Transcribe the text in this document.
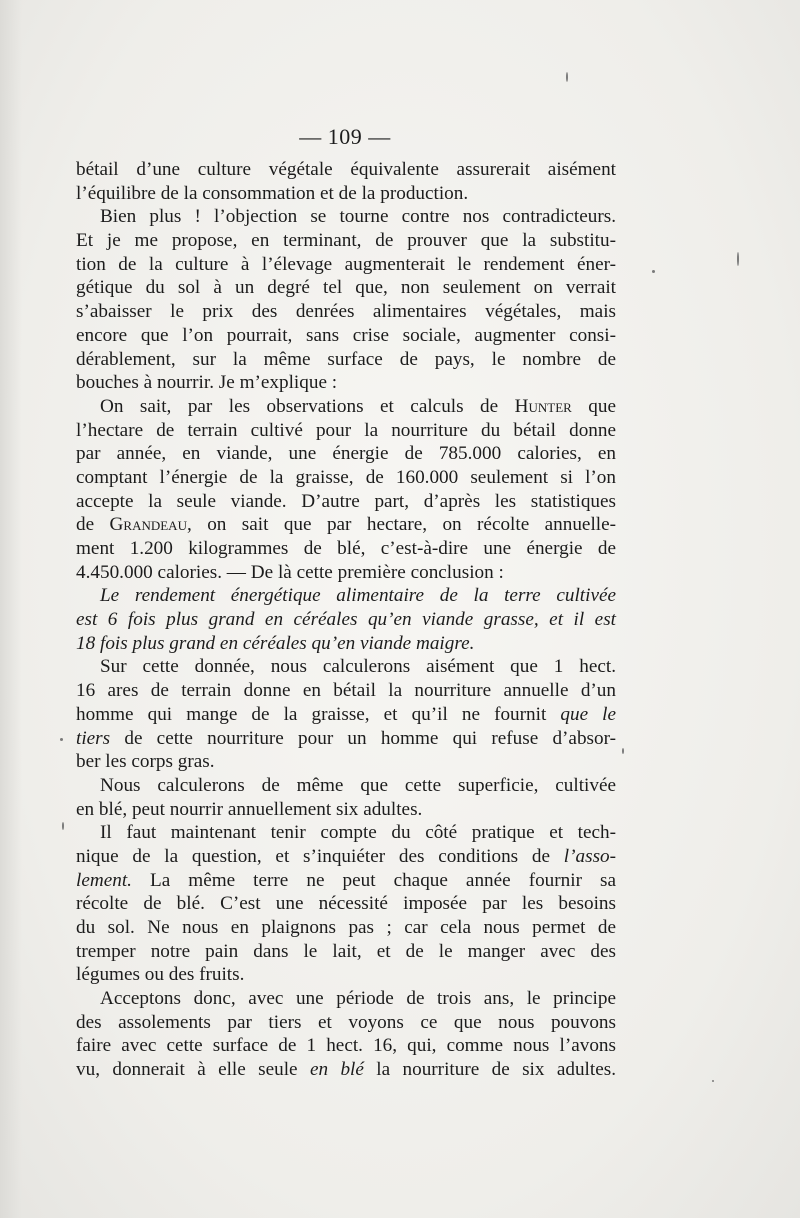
— 109 —
bétail d’une culture végétale équivalente assurerait aisément
l’équilibre de la consommation et de la production.
Bien plus ! l’objection se tourne contre nos contradicteurs.
Et je me propose, en terminant, de prouver que la substitu-
tion de la culture à l’élevage augmenterait le rendement éner-
gétique du sol à un degré tel que, non seulement on verrait
s’abaisser le prix des denrées alimentaires végétales, mais
encore que l’on pourrait, sans crise sociale, augmenter consi-
dérablement, sur la même surface de pays, le nombre de
bouches à nourrir. Je m’explique :
On sait, par les observations et calculs de Hunter que
l’hectare de terrain cultivé pour la nourriture du bétail donne
par année, en viande, une énergie de 785.000 calories, en
comptant l’énergie de la graisse, de 160.000 seulement si l’on
accepte la seule viande. D’autre part, d’après les statistiques
de Grandeau, on sait que par hectare, on récolte annuelle-
ment 1.200 kilogrammes de blé, c’est-à-dire une énergie de
4.450.000 calories. — De là cette première conclusion :
Le rendement énergétique alimentaire de la terre cultivée
est 6 fois plus grand en céréales qu’en viande grasse, et il est
18 fois plus grand en céréales qu’en viande maigre.
Sur cette donnée, nous calculerons aisément que 1 hect.
16 ares de terrain donne en bétail la nourriture annuelle d’un
homme qui mange de la graisse, et qu’il ne fournit que le
tiers de cette nourriture pour un homme qui refuse d’absor-
ber les corps gras.
Nous calculerons de même que cette superficie, cultivée
en blé, peut nourrir annuellement six adultes.
Il faut maintenant tenir compte du côté pratique et tech-
nique de la question, et s’inquiéter des conditions de l’asso-
lement. La même terre ne peut chaque année fournir sa
récolte de blé. C’est une nécessité imposée par les besoins
du sol. Ne nous en plaignons pas ; car cela nous permet de
tremper notre pain dans le lait, et de le manger avec des
légumes ou des fruits.
Acceptons donc, avec une période de trois ans, le principe
des assolements par tiers et voyons ce que nous pouvons
faire avec cette surface de 1 hect. 16, qui, comme nous l’avons
vu, donnerait à elle seule en blé la nourriture de six adultes.
